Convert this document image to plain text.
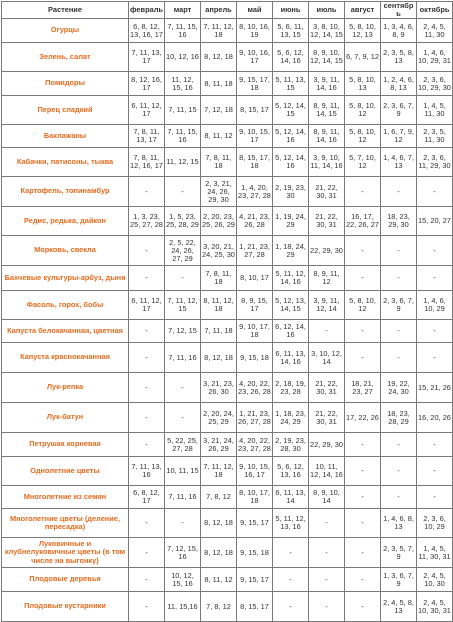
Растение	февраль	март	апрель	май	июнь	июль	август	сентябрь	октябрь
Огурцы	6, 8, 12, 13, 16, 17	7, 11, 15, 16	7, 11, 12, 18	8, 10, 16, 19	5, 6, 11, 13, 15	3, 8, 10, 12, 14, 15	5, 8, 10, 12, 13	1, 3, 4, 6, 8, 9	2, 4, 5, 11, 30
Зелень, салат	7, 11, 13, 17	10, 12, 16	8, 12, 18	9, 10, 16, 17	5, 6, 12, 14, 16	8, 9, 10, 12, 14, 15	6, 7, 9, 12	2, 3, 5, 8, 13	1, 4, 6, 10, 29, 31
Помидоры	8, 12, 16, 17	11, 12, 15, 16	8, 11, 18	9, 15, 17, 18	5, 11, 13, 15	3, 9, 11, 14, 16	5, 8, 10, 13	1, 2, 4, 6, 8, 13	2, 3, 6, 10, 29, 30
Перец сладкий	6, 11, 12, 17	7, 11, 15	7, 12, 18	8, 15, 17	5, 12, 14, 15	8, 9, 11, 14, 15	5, 8, 10, 12	2, 3, 6, 7, 9	1, 4, 5, 11, 30
Баклажаны	7, 8, 11, 13, 17	7, 11, 15, 16	8, 11, 12	9, 10, 15, 17	5, 12, 14, 16	8, 9, 11, 14, 16	5, 8, 10, 12	1, 6, 7, 9, 12	2, 3, 5, 11, 30
Кабачки, патисоны, тыква	7, 8, 11, 12, 16, 17	11, 12, 15	7, 8, 11, 18	8, 15, 17, 18	5, 12, 14, 16	3, 9, 10, 11, 14, 16	5, 7, 10, 12	1, 4, 6, 7, 13	2, 3, 6, 11, 29, 30
Картофель, топинамбур	-	-	2, 3, 21, 24, 26, 29, 30	1, 4, 20, 23, 27, 28	2, 19, 23, 30	21, 22, 30, 31	-	-	-
Редис, редька, дайкон	1, 3, 23, 25, 27, 28	1, 5, 23, 25, 28, 29	2, 20, 23, 25, 26, 29	4, 21, 23, 26, 28	1, 19, 24, 29	21, 22, 30, 31	16, 17, 22, 26, 27	18, 23, 29, 30	15, 20, 27
Морковь, свекла	-	2, 5, 22, 24, 26, 27, 29	3, 20, 21, 24, 25, 30	1, 21, 23, 27, 28	1, 18, 24, 29	22, 29, 30	-	-	-
Бахчевые культуры-арбуз, дыня	-	-	7, 8, 11, 18	8, 10, 17	5, 11, 12, 14, 16	8, 9, 11, 12	-	-	-
Фасоль, горох, бобы	6, 11, 12, 17	7, 11, 12, 15	8, 11, 12, 18	8, 9, 15, 17	5, 12, 13, 14, 15	3, 9, 11, 12, 14	5, 8, 10, 12	2, 3, 6, 7, 9	1, 4, 6, 10, 29
Капуста белокачанная, цветная	-	7, 12, 15	7, 11, 18	9, 10, 17, 18	6, 12, 14, 16	-	-	-	-
Капуста краснокачанная	-	7, 11, 16	8, 12, 18	9, 15, 18	6, 11, 13, 14, 16	3, 10, 12, 14	-	-	-
Лук-репка	-	-	3, 21, 23, 26, 30	4, 20, 22, 23, 26, 28	2, 18, 19, 23, 28	21, 22, 30, 31	18, 21, 23, 27	19, 22, 24, 30	15, 21, 26
Лук-батун	-	-	2, 20, 24, 25, 29	1, 21, 23, 26, 27, 28	1, 18, 23, 24, 29	21, 22, 30, 31	17, 22, 26	18, 23, 28, 29	16, 20, 26
Петрушка корневая	-	5, 22, 25, 27, 28	3, 21, 24, 26, 29	4, 20, 22, 23, 27, 28	2, 19, 23, 28, 30	22, 29, 30	-	-	-
Однолетние цветы	7, 11, 13, 16	10, 11, 15	7, 11, 12, 18	9, 10, 15, 16, 17	5, 6, 12, 13, 16	10, 11, 12, 14, 16	-	-	-
Многолетние из семян	6, 8, 12, 17	7, 11, 16	7, 8, 12	8, 10, 17, 18	6, 11, 13, 14	8, 9, 10, 14	-	-	-
Многолетние цветы (деление, пересадка)	-	-	8, 12, 18	9, 15, 17	5, 11, 12, 13, 16	-	-	1, 4, 6, 8, 13	2, 3, 6, 10, 29
Луковичные и клубнелуковичные цветы (в том числе на выгонку)	-	7, 12, 15, 16	8, 12, 18	9, 15, 18	-	-	-	2, 3, 5, 7, 9	1, 4, 5, 11, 30, 31
Плодовые деревья	-	10, 12, 15, 16	8, 11, 12	9, 15, 17	-	-	-	1, 3, 6, 7, 9	2, 4, 5, 10, 30
Плодовые кустарники	-	11, 15,16	7, 8, 12	8, 15, 17	-	-	-	2, 4, 5, 8, 13	2, 4, 5, 10, 30, 31
